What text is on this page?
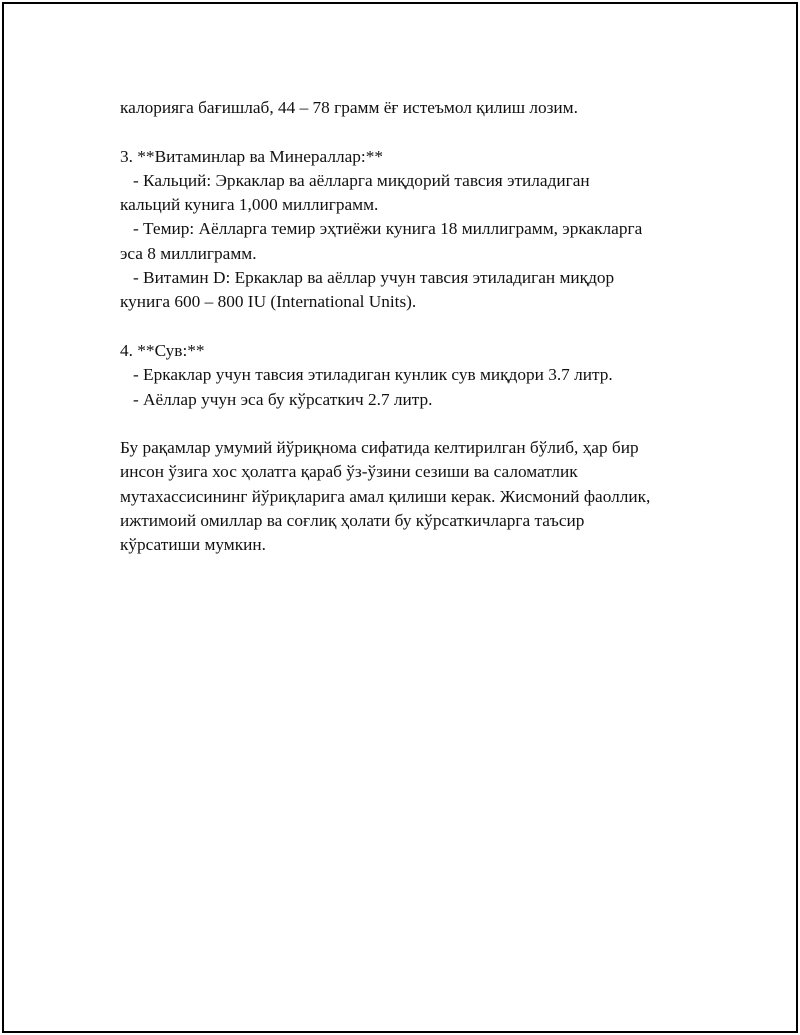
калорияга бағишлаб, 44 – 78 грамм ёғ истеъмол қилиш лозим.
3. **Витаминлар ва Минераллар:**
- Кальций: Эркаклар ва аёлларга миқдорий тавсия этиладиган
кальций кунига 1,000 миллиграмм.
- Темир: Аёлларга темир эҳтиёжи кунига 18 миллиграмм, эркакларга
эса 8 миллиграмм.
- Витамин D: Еркаклар ва аёллар учун тавсия этиладиган миқдор
кунига 600 – 800 IU (International Units).
4. **Сув:**
- Еркаклар учун тавсия этиладиган кунлик сув миқдори 3.7 литр.
- Аёллар учун эса бу кўрсаткич 2.7 литр.
Бу рақамлар умумий йўриқнома сифатида келтирилган бўлиб, ҳар бир
инсон ўзига хос ҳолатга қараб ўз-ўзини сезиши ва саломатлик
мутахассисининг йўриқларига амал қилиши керак. Жисмоний фаоллик,
ижтимоий омиллар ва соғлиқ ҳолати бу кўрсаткичларга таъсир
кўрсатиши мумкин.
